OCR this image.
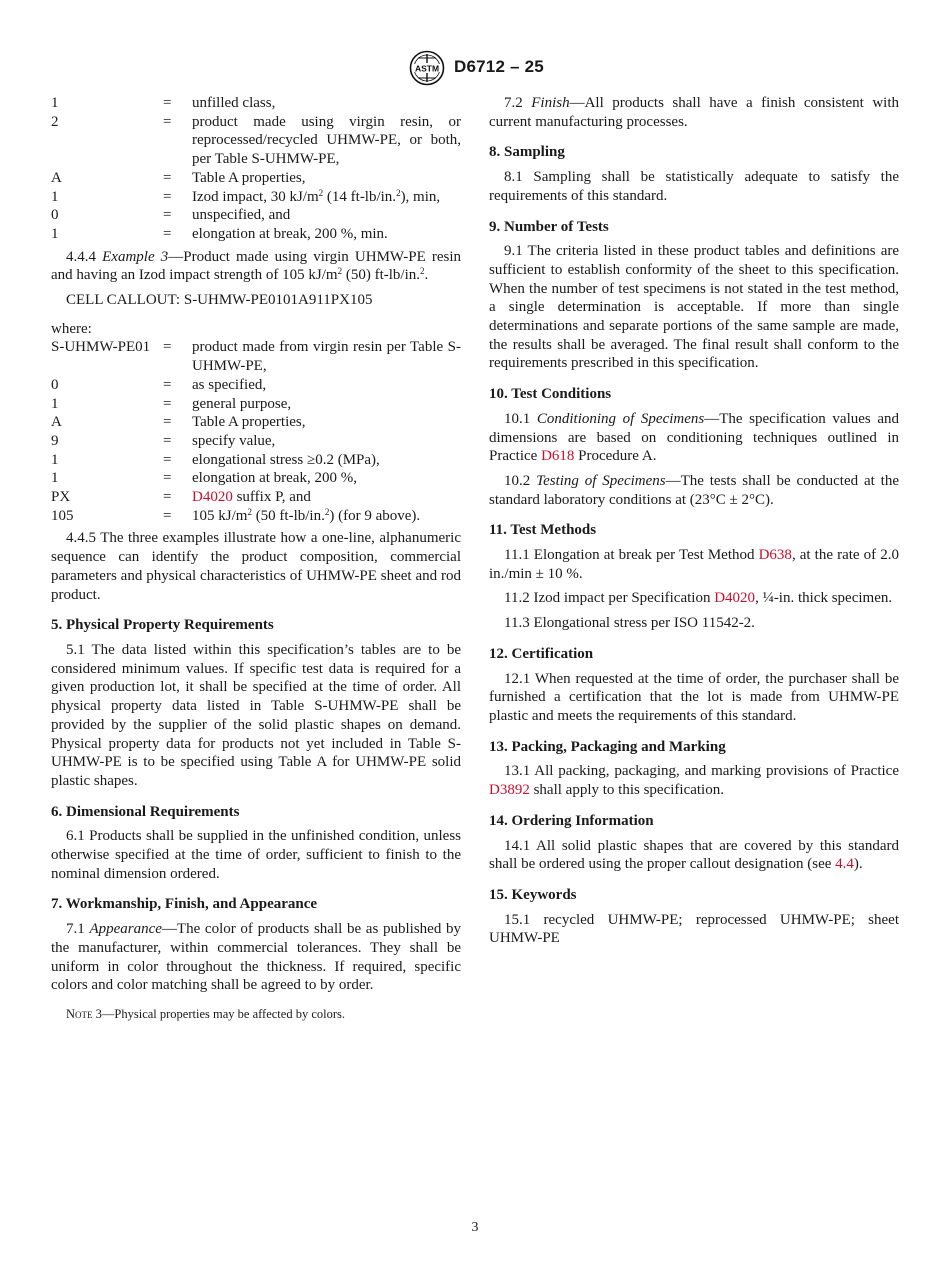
ASTM D6712 – 25
1	=	unfilled class,
2	=	product made using virgin resin, or reprocessed/recycled UHMW-PE, or both, per Table S-UHMW-PE,
A	=	Table A properties,
1	=	Izod impact, 30 $kJ/m^2$ (14 ft-lb/in.$^2$), min,
0	=	unspecified, and
1	=	elongation at break, 200 %, min.

4.4.4 Example 3—Product made using virgin UHMW-PE resin and having an Izod impact strength of 105 $kJ/m^2$ (50) ft-lb/in.$^2$.

CELL CALLOUT: S-UHMW-PE0101A911PX105

where:

S-UHMW-PE01 =	product made from virgin resin per Table S-UHMW-PE,
0	=	as specified,
1	=	general purpose,
A	=	Table A properties,
9	=	specify value,
1	=	elongational stress ≥0.2 (MPa),
1	=	elongation at break, 200 %,
PX	=	D4020 suffix P, and
105	=	105 $kJ/m^2$ (50 ft-lb/in.$^2$) (for 9 above).

4.4.5 The three examples illustrate how a one-line, alphanumeric sequence can identify the product composition, commercial parameters and physical characteristics of UHMW-PE sheet and rod product.

5. Physical Property Requirements

5.1 The data listed within this specification’s tables are to be considered minimum values. If specific test data is required for a given production lot, it shall be specified at the time of order. All physical property data listed in Table S-UHMW-PE shall be provided by the supplier of the solid plastic shapes on demand. Physical property data for products not yet included in Table S-UHMW-PE is to be specified using Table A for UHMW-PE solid plastic shapes.

6. Dimensional Requirements

6.1 Products shall be supplied in the unfinished condition, unless otherwise specified at the time of order, sufficient to finish to the nominal dimension ordered.

7. Workmanship, Finish, and Appearance

7.1 Appearance—The color of products shall be as published by the manufacturer, within commercial tolerances. They shall be uniform in color throughout the thickness. If required, specific colors and color matching shall be agreed to by order.

Note 3—Physical properties may be affected by colors.

7.2 Finish—All products shall have a finish consistent with current manufacturing processes.

8. Sampling

8.1 Sampling shall be statistically adequate to satisfy the requirements of this standard.

9. Number of Tests

9.1 The criteria listed in these product tables and definitions are sufficient to establish conformity of the sheet to this specification. When the number of test specimens is not stated in the test method, a single determination is acceptable. If more than single determinations and separate portions of the same sample are made, the results shall be averaged. The final result shall conform to the requirements prescribed in this specification.

10. Test Conditions

10.1 Conditioning of Specimens—The specification values and dimensions are based on conditioning techniques outlined in Practice D618 Procedure A.

10.2 Testing of Specimens—The tests shall be conducted at the standard laboratory conditions at (23°C ± 2°C).

11. Test Methods

11.1 Elongation at break per Test Method D638, at the rate of 2.0 in./min ± 10 %.

11.2 Izod impact per Specification D4020, ¼-in. thick specimen.

11.3 Elongational stress per ISO 11542-2.

12. Certification

12.1 When requested at the time of order, the purchaser shall be furnished a certification that the lot is made from UHMW-PE plastic and meets the requirements of this standard.

13. Packing, Packaging and Marking

13.1 All packing, packaging, and marking provisions of Practice D3892 shall apply to this specification.

14. Ordering Information

14.1 All solid plastic shapes that are covered by this standard shall be ordered using the proper callout designation (see 4.4).

15. Keywords

15.1 recycled UHMW-PE; reprocessed UHMW-PE; sheet UHMW-PE

3
